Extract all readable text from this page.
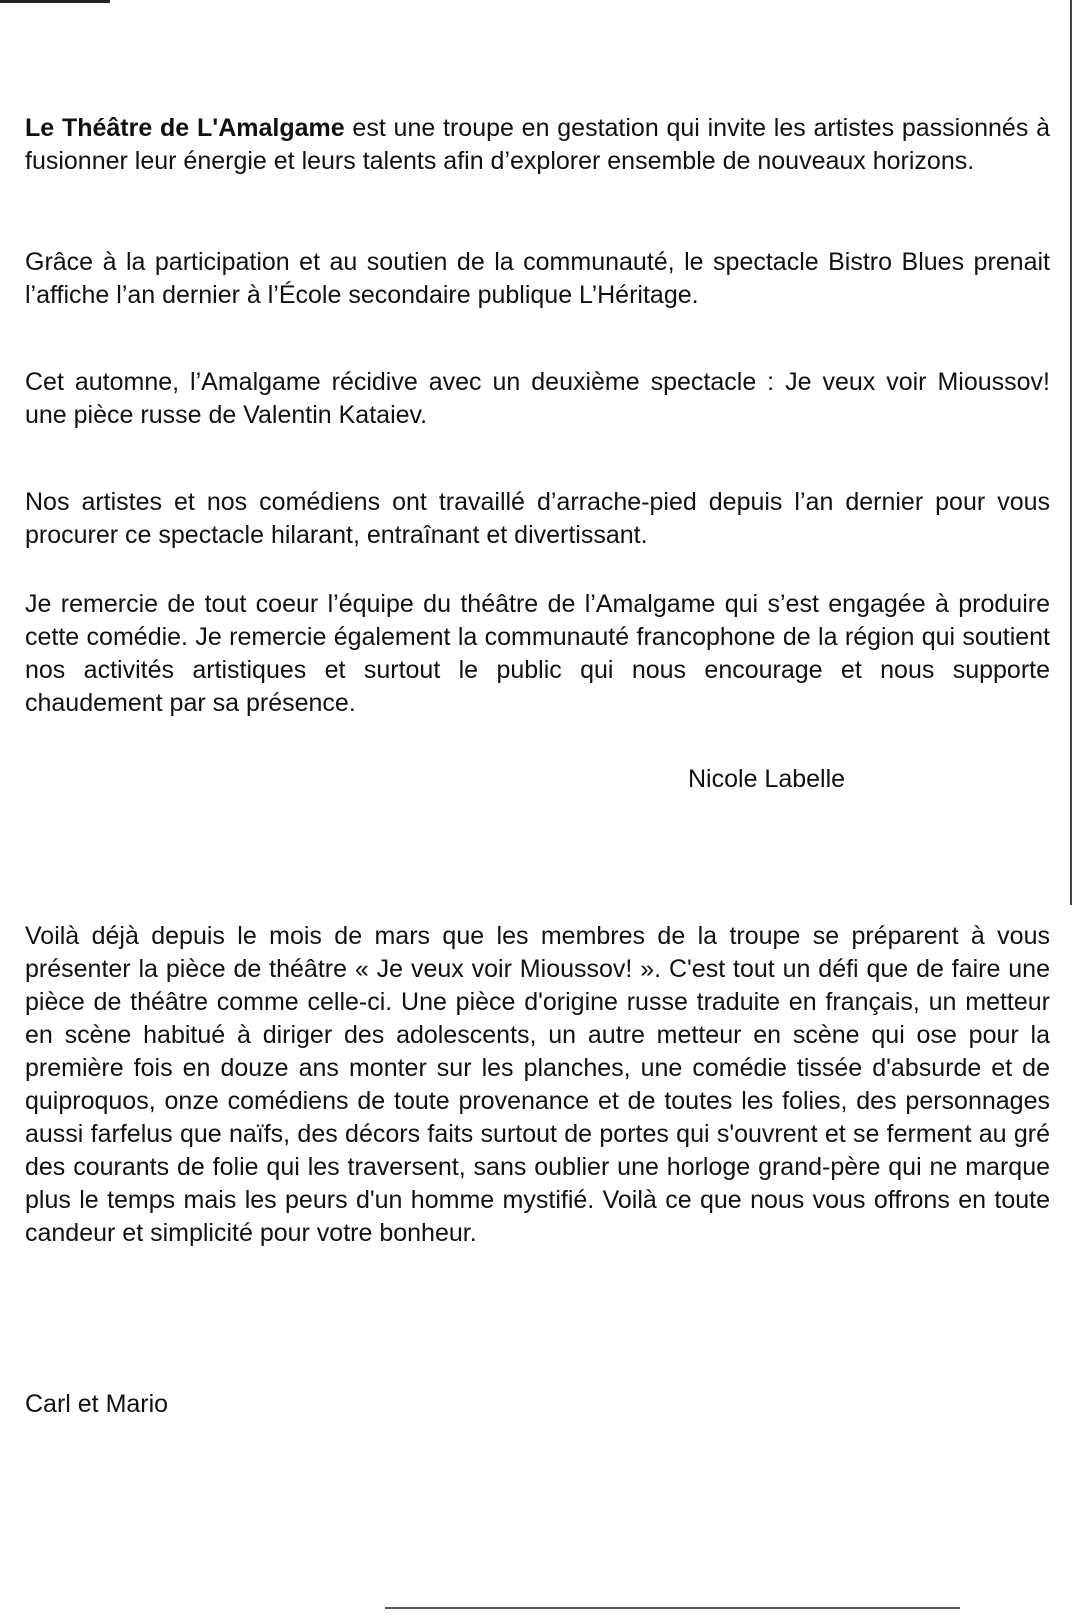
Le Théâtre de L'Amalgame est une troupe en gestation qui invite les artistes passionnés à fusionner leur énergie et leurs talents afin d’explorer ensemble de nouveaux horizons.

Grâce à la participation et au soutien de la communauté, le spectacle Bistro Blues prenait l’affiche l’an dernier à l’École secondaire publique L’Héritage.

Cet automne, l’Amalgame récidive avec un deuxième spectacle : Je veux voir Mioussov! une pièce russe de Valentin Kataiev.

Nos artistes et nos comédiens ont travaillé d’arrache-pied depuis l’an dernier pour vous procurer ce spectacle hilarant, entraînant et divertissant.

Je remercie de tout coeur l’équipe du théâtre de l’Amalgame qui s’est engagée à produire cette comédie. Je remercie également la communauté francophone de la région qui soutient nos activités artistiques et surtout le public qui nous encourage et nous supporte chaudement par sa présence.

Nicole Labelle

Voilà déjà depuis le mois de mars que les membres de la troupe se préparent à vous présenter la pièce de théâtre « Je veux voir Mioussov! ». C'est tout un défi que de faire une pièce de théâtre comme celle-ci. Une pièce d'origine russe traduite en français, un metteur en scène habitué à diriger des adolescents, un autre metteur en scène qui ose pour la première fois en douze ans monter sur les planches, une comédie tissée d'absurde et de quiproquos, onze comédiens de toute provenance et de toutes les folies, des personnages aussi farfelus que naïfs, des décors faits surtout de portes qui s'ouvrent et se ferment au gré des courants de folie qui les traversent, sans oublier une horloge grand-père qui ne marque plus le temps mais les peurs d'un homme mystifié. Voilà ce que nous vous offrons en toute candeur et simplicité pour votre bonheur.

Carl et Mario
